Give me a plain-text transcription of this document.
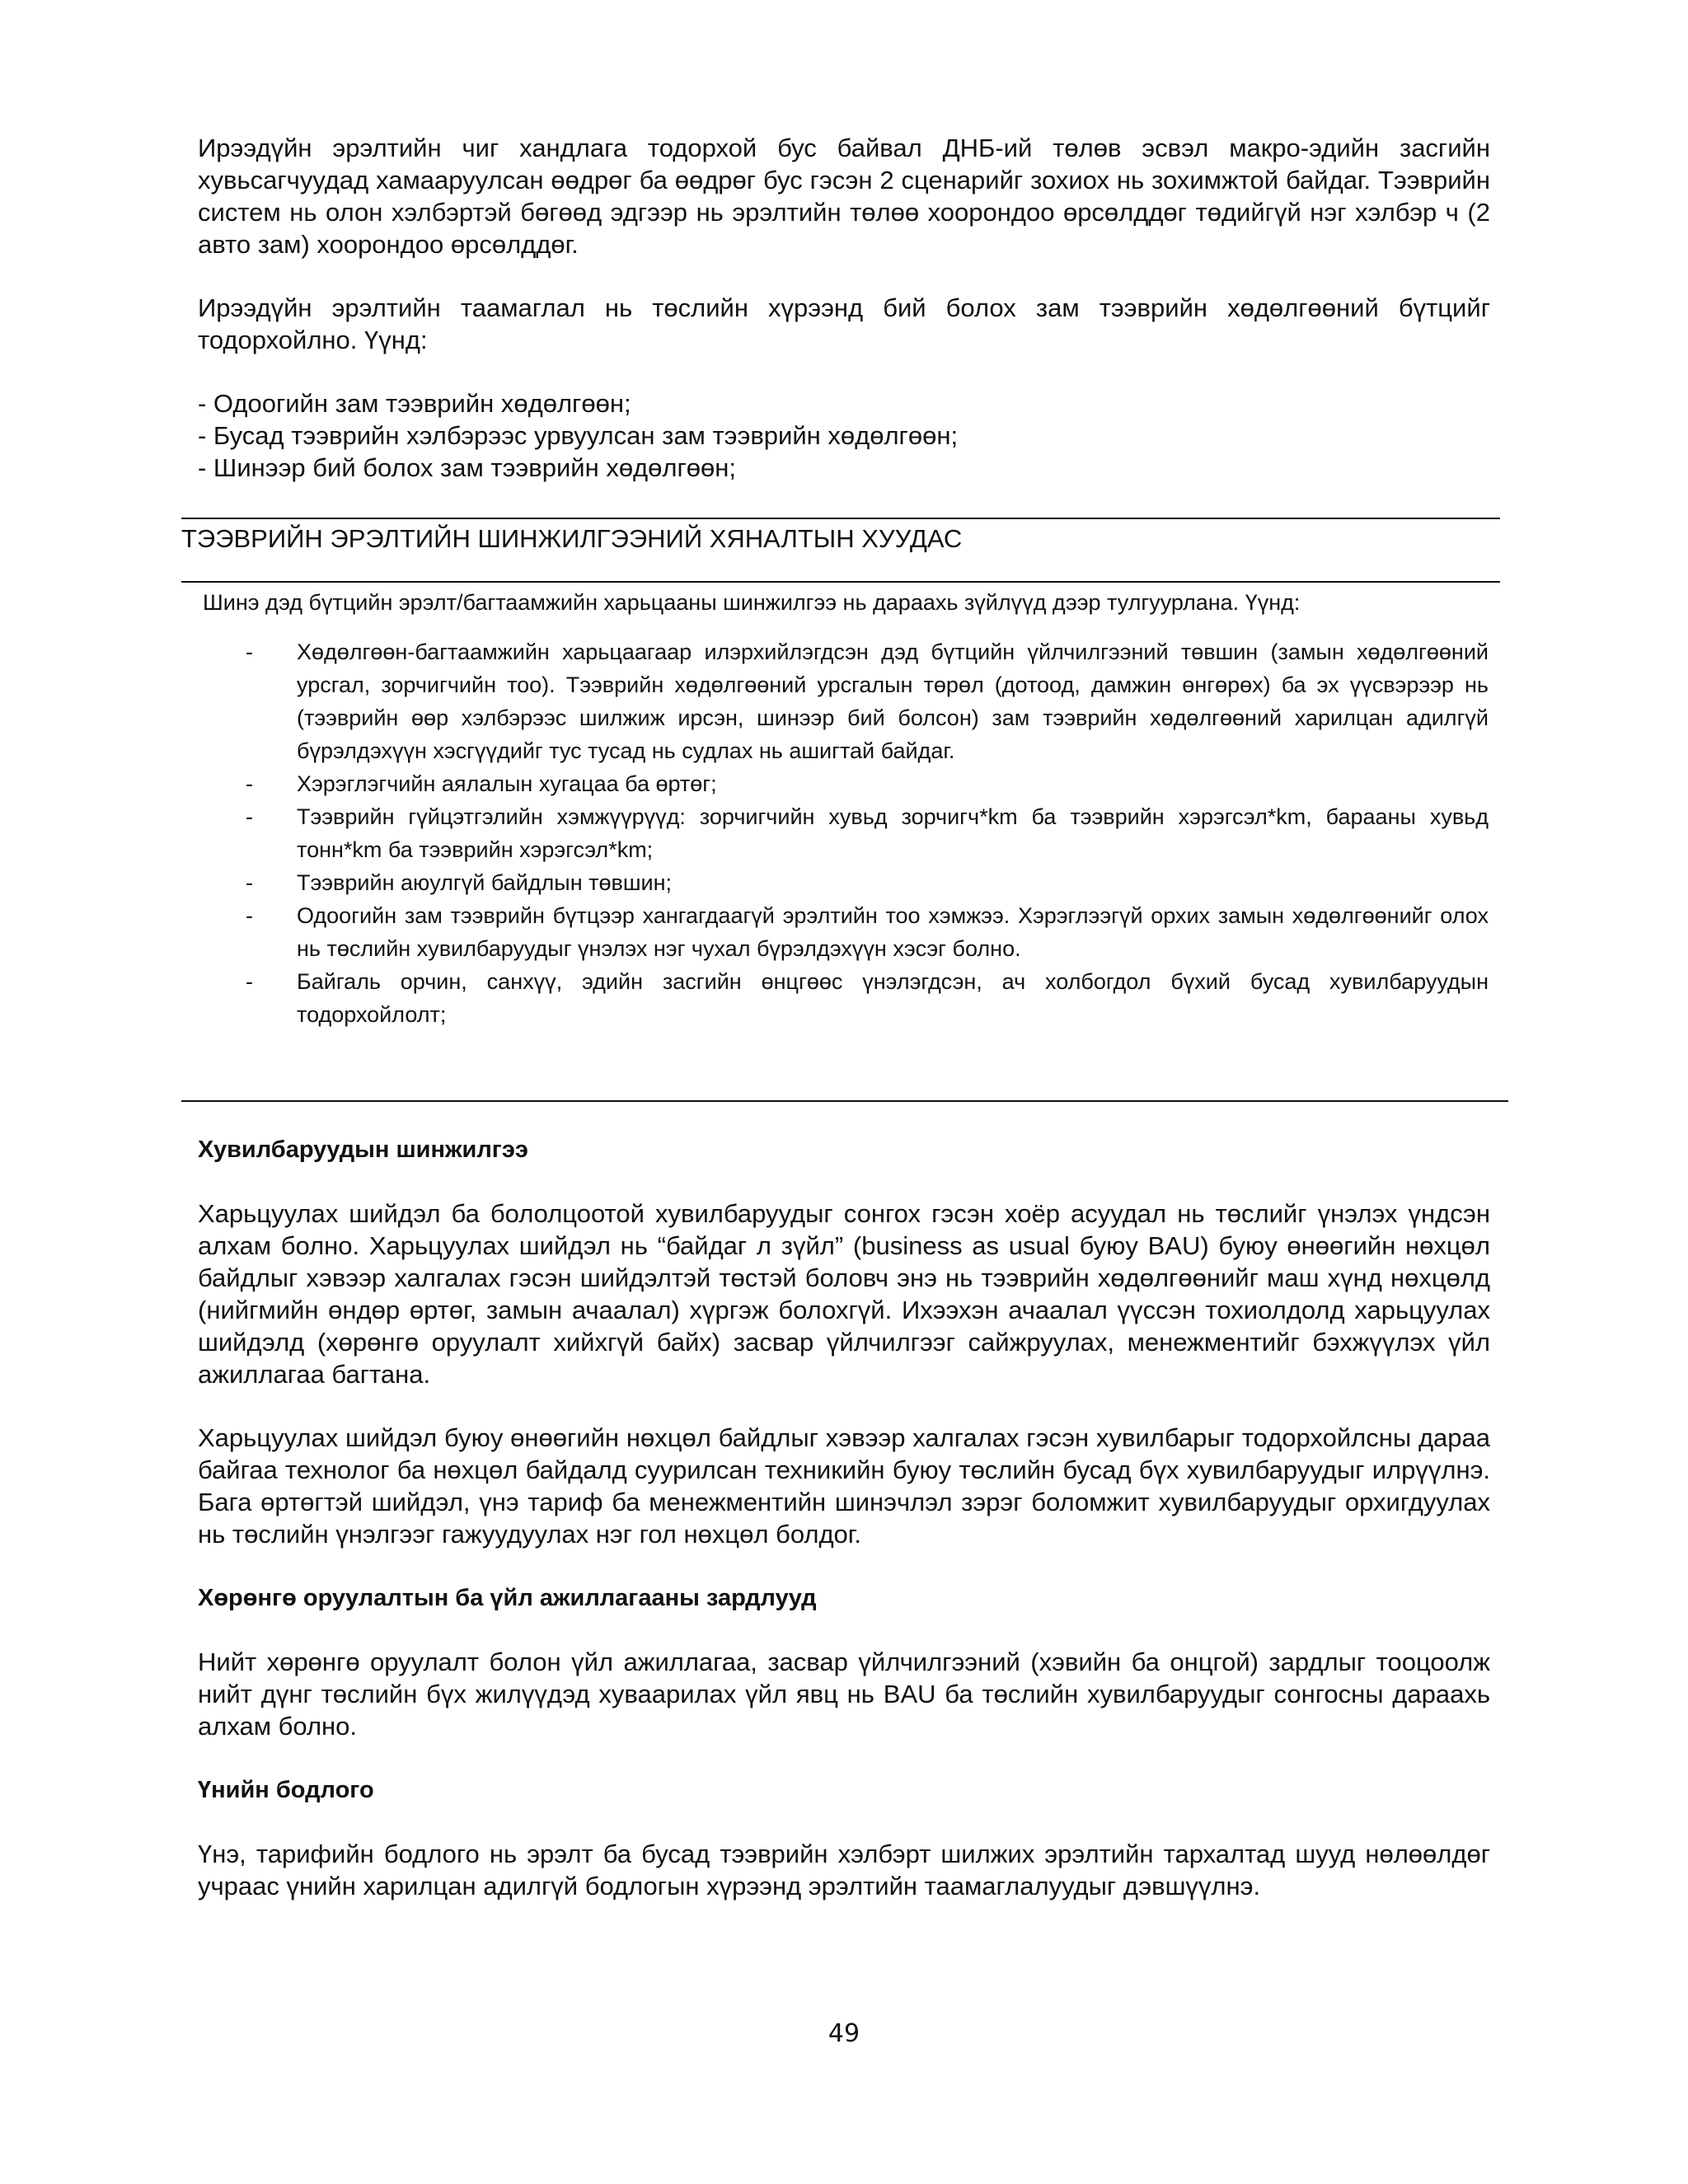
Ирээдүйн эрэлтийн чиг хандлага тодорхой бус байвал ДНБ-ий төлөв эсвэл макро-эдийн засгийн хувьсагчуудад хамааруулсан өөдрөг ба өөдрөг бус гэсэн 2 сценарийг зохиох нь зохимжтой байдаг. Тээврийн систем нь олон хэлбэртэй бөгөөд эдгээр нь эрэлтийн төлөө хоорондоо өрсөлддөг төдийгүй нэг хэлбэр ч (2 авто зам) хоорондоо өрсөлддөг.

Ирээдүйн эрэлтийн таамаглал нь төслийн хүрээнд бий болох зам тээврийн хөдөлгөөний бүтцийг тодорхойлно. Үүнд:

- Одоогийн зам тээврийн хөдөлгөөн;
- Бусад тээврийн хэлбэрээс урвуулсан зам тээврийн хөдөлгөөн;
- Шинээр бий болох зам тээврийн хөдөлгөөн;
ТЭЭВРИЙН ЭРЭЛТИЙН ШИНЖИЛГЭЭНИЙ ХЯНАЛТЫН ХУУДАС
Шинэ дэд бүтцийн эрэлт/багтаамжийн харьцааны шинжилгээ нь дараахь зүйлүүд дээр тулгуурлана. Үүнд:
- Хөдөлгөөн-багтаамжийн харьцаагаар илэрхийлэгдсэн дэд бүтцийн үйлчилгээний төвшин (замын хөдөлгөөний урсгал, зорчигчийн тоо). Тээврийн хөдөлгөөний урсгалын төрөл (дотоод, дамжин өнгөрөх) ба эх үүсвэрээр нь (тээврийн өөр хэлбэрээс шилжиж ирсэн, шинээр бий болсон) зам тээврийн хөдөлгөөний харилцан адилгүй бүрэлдэхүүн хэсгүүдийг тус тусад нь судлах нь ашигтай байдаг.
- Хэрэглэгчийн аялалын хугацаа ба өртөг;
- Тээврийн гүйцэтгэлийн хэмжүүрүүд: зорчигчийн хувьд зорчигч*km ба тээврийн хэрэгсэл*km, барааны хувьд тонн*km ба тээврийн хэрэгсэл*km;
- Тээврийн аюулгүй байдлын төвшин;
- Одоогийн зам тээврийн бүтцээр хангагдаагүй эрэлтийн тоо хэмжээ. Хэрэглээгүй орхих замын хөдөлгөөнийг олох нь төслийн хувилбаруудыг үнэлэх нэг чухал бүрэлдэхүүн хэсэг болно.
- Байгаль орчин, санхүү, эдийн засгийн өнцгөөс үнэлэгдсэн, ач холбогдол бүхий бусад хувилбаруудын тодорхойлолт;
Хувилбаруудын шинжилгээ

Харьцуулах шийдэл ба бололцоотой хувилбаруудыг сонгох гэсэн хоёр асуудал нь төслийг үнэлэх үндсэн алхам болно. Харьцуулах шийдэл нь “байдаг л зүйл” (business as usual буюу BAU) буюу өнөөгийн нөхцөл байдлыг хэвээр халгалах гэсэн шийдэлтэй төстэй боловч энэ нь тээврийн хөдөлгөөнийг маш хүнд нөхцөлд (нийгмийн өндөр өртөг, замын ачаалал) хүргэж болохгүй. Ихээхэн ачаалал үүссэн тохиолдолд харьцуулах шийдэлд (хөрөнгө оруулалт хийхгүй байх) засвар үйлчилгээг сайжруулах, менежментийг бэхжүүлэх үйл ажиллагаа багтана.

Харьцуулах шийдэл буюу өнөөгийн нөхцөл байдлыг хэвээр халгалах гэсэн хувилбарыг тодорхойлсны дараа байгаа технолог ба нөхцөл байдалд суурилсан техникийн буюу төслийн бусад бүх хувилбаруудыг илрүүлнэ. Бага өртөгтэй шийдэл, үнэ тариф ба менежментийн шинэчлэл зэрэг боломжит хувилбаруудыг орхигдуулах нь төслийн үнэлгээг гажуудуулах нэг гол нөхцөл болдог.

Хөрөнгө оруулалтын ба үйл ажиллагааны зардлууд

Нийт хөрөнгө оруулалт болон үйл ажиллагаа, засвар үйлчилгээний (хэвийн ба онцгой) зардлыг тооцоолж нийт дүнг төслийн бүх жилүүдэд хуваарилах үйл явц нь BAU ба төслийн хувилбаруудыг сонгосны дараахь алхам болно.

Үнийн бодлого

Үнэ, тарифийн бодлого нь эрэлт ба бусад тээврийн хэлбэрт шилжих эрэлтийн тархалтад шууд нөлөөлдөг учраас үнийн харилцан адилгүй бодлогын хүрээнд эрэлтийн таамаглалуудыг дэвшүүлнэ.

49
